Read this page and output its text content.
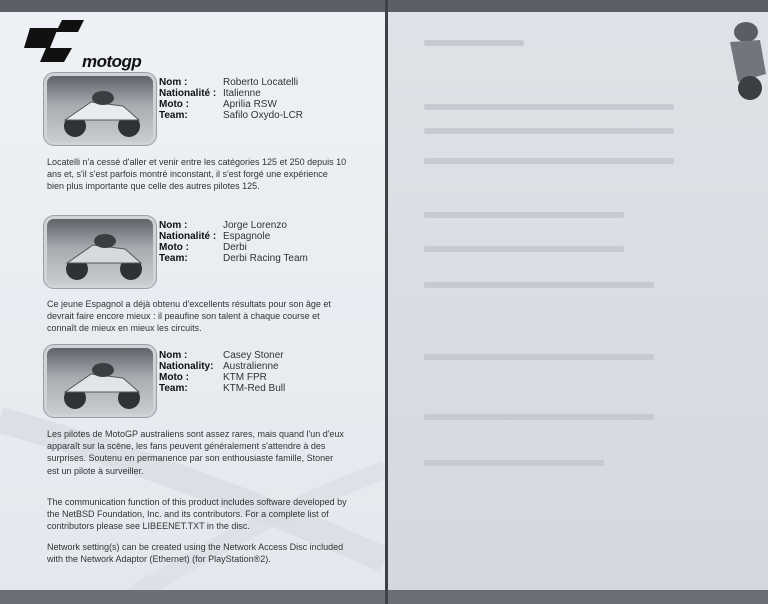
motogp
Nom :	Roberto Locatelli
Nationalité : Italienne
Moto :	Aprilia RSW
Team:	Safilo Oxydo-LCR
Locatelli n'a cessé d'aller et venir entre les catégories 125 et 250 depuis 10 ans et, s'il s'est parfois montré inconstant, il s'est forgé une expérience bien plus importante que celle des autres pilotes 125.
Nom :	Jorge Lorenzo
Nationalité : Espagnole
Moto :	Derbi
Team:	Derbi Racing Team
Ce jeune Espagnol a déjà obtenu d'excellents résultats pour son âge et devrait faire encore mieux : il peaufine son talent à chaque course et connaît de mieux en mieux les circuits.
Nom :	Casey Stoner
Nationality: Australienne
Moto :	KTM FPR
Team:	KTM-Red Bull
Les pilotes de MotoGP australiens sont assez rares, mais quand l'un d'eux apparaît sur la scène, les fans peuvent généralement s'attendre à des surprises. Soutenu en permanence par son enthousiaste famille, Stoner est un pilote à surveiller.
The communication function of this product includes software developed by the NetBSD Foundation, Inc. and its contributors. For a complete list of contributors please see LIBEENET.TXT in the disc.
Network setting(s) can be created using the Network Access Disc included with the Network Adaptor (Ethernet) (for PlayStation®2).
